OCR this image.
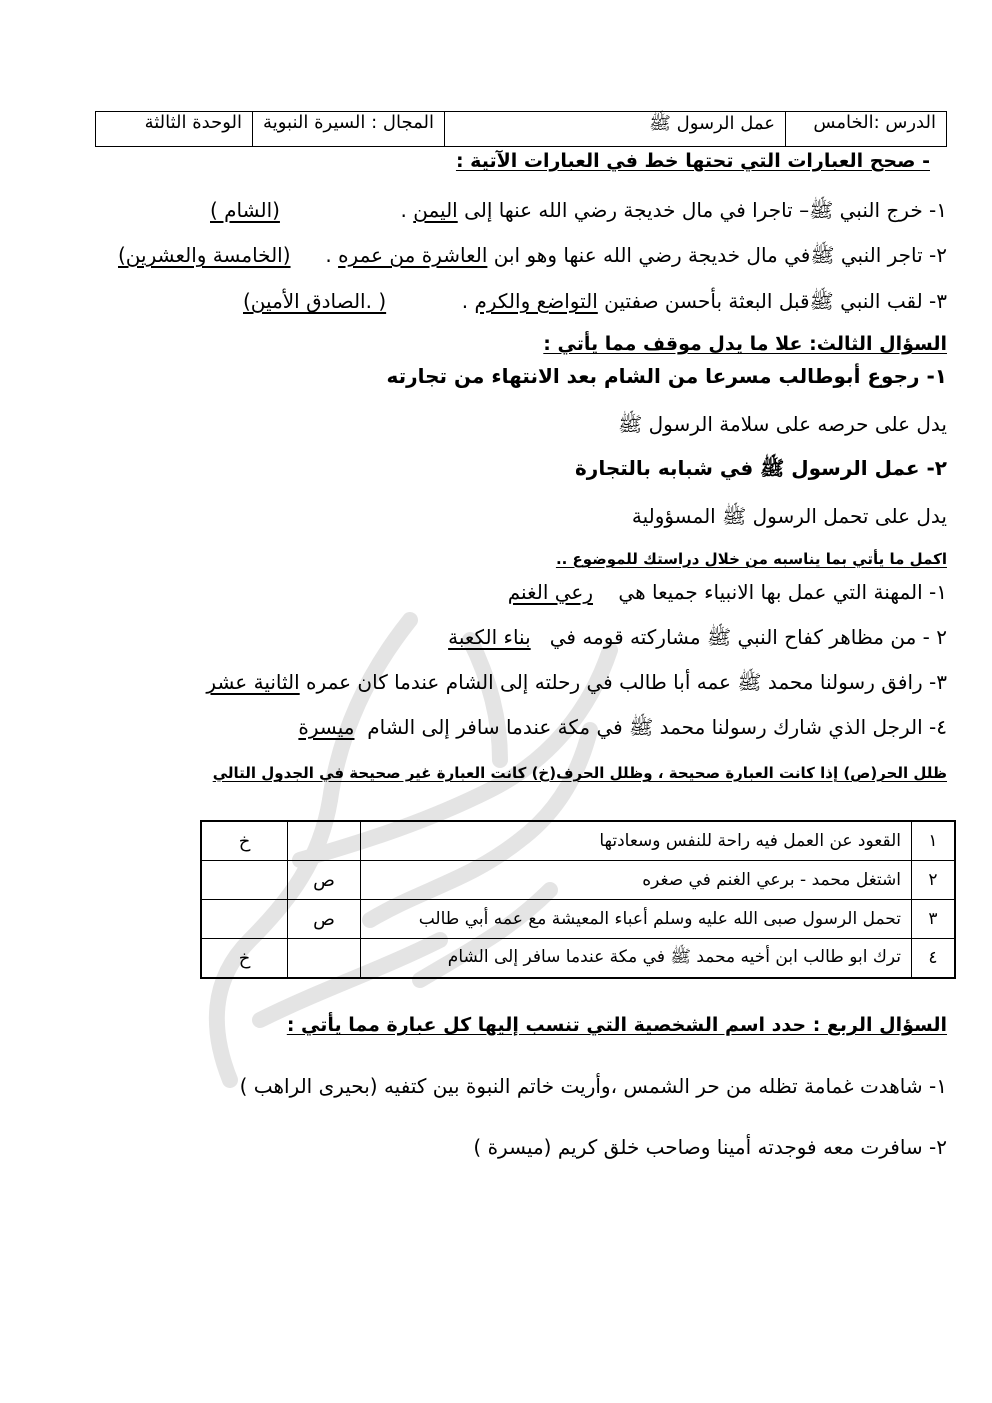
الدرس :الخامس	عمل الرسول ﷺ	المجال : السيرة النبوية	الوحدة الثالثة
- صحح العبارات التي تحتها خط في العبارات الآتية :
١- خرج النبي ﷺ– تاجرا في مال خديجة رضي الله عنها إلى اليمن .
(الشام )
٢- تاجر النبي ﷺفي مال خديجة رضي الله عنها وهو ابن العاشرة من عمره .
(الخامسة والعشرين)
٣- لقب النبي ﷺقبل البعثة بأحسن صفتين التواضع والكرم .
( .الصادق الأمين)
السؤال الثالث: علا ما يدل موقف مما يأتي :
١- رجوع أبوطالب مسرعا من الشام بعد الانتهاء من تجارته
يدل على حرصه على سلامة الرسول ﷺ
٢- عمل الرسول ﷺ في شبابه بالتجارة
يدل على تحمل الرسول ﷺ المسؤولية
اكمل ما يأتي بما يناسبه من خلال دراستك للموضوع ..
١- المهنة التي عمل بها الانبياء جميعا هي    رعي الغنم
٢ - من مظاهر كفاح النبي ﷺ مشاركته قومه في   بناء الكعبة
٣- رافق رسولنا محمد ﷺ عمه أبا طالب في رحلته إلى الشام عندما كان عمره الثانية عشر
٤- الرجل الذي شارك رسولنا محمد ﷺ في مكة عندما سافر إلى الشام  ميسرة
ظلل الحر(ص) إذا كانت العبارة صحيحة ، وظلل الحرف(خ) كانت العبارة غير صحيحة في الجدول التالي
١	القعود عن العمل فيه راحة للنفس وسعادتها		خ
٢	اشتغل محمد - برعي الغنم في صغره	ص	
٣	تحمل الرسول صبى الله عليه وسلم أعباء المعيشة مع عمه أبي طالب	ص	
٤	ترك ابو طالب ابن أخيه محمد ﷺ في مكة عندما سافر إلى الشام		خ
السؤال الربع : حدد اسم الشخصية التي تنسب إليها كل عبارة مما يأتي :
١- شاهدت غمامة تظله من حر الشمس ،وأريت خاتم النبوة بين كتفيه (بحيرى الراهب )
٢- سافرت معه فوجدته أمينا وصاحب خلق كريم (ميسرة )
